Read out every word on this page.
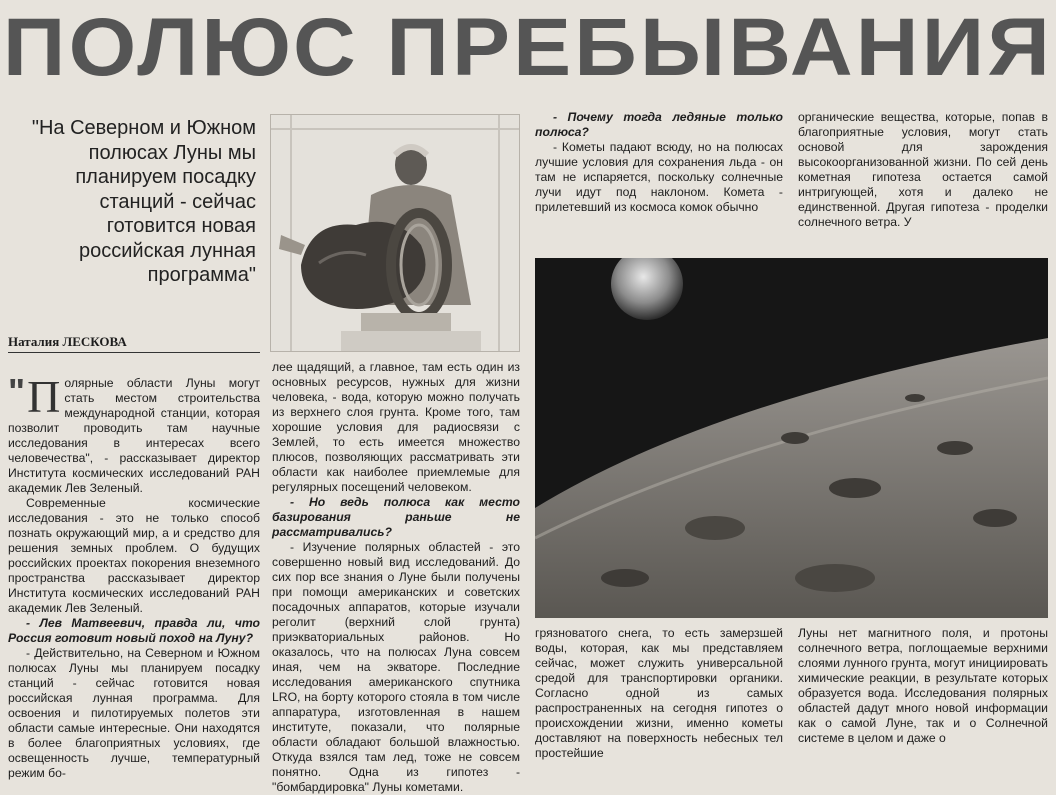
ПОЛЮС ПРЕБЫВАНИЯ
"На Северном и Южном полюсах Луны мы планируем посадку станций - сейчас готовится новая российская лунная программа"
Наталия ЛЕСКОВА

" П олярные области Луны могут стать местом строительства международной станции, которая позволит проводить там научные исследования в интересах всего человечества", - рассказывает директор Института космических исследований РАН академик Лев Зеленый.

Современные космические исследования - это не только способ познать окружающий мир, а и средство для решения земных проблем. О будущих российских проектах покорения внеземного пространства рассказывает директор Института космических исследований РАН академик Лев Зеленый.

- Лев Матвеевич, правда ли, что Россия готовит новый поход на Луну?

- Действительно, на Северном и Южном полюсах Луны мы планируем посадку станций - сейчас готовится новая российская лунная программа. Для освоения и пилотируемых полетов эти области самые интересные. Они находятся в более благоприятных условиях, где освещенность лучше, температурный режим бо-

лее щадящий, а главное, там есть один из основных ресурсов, нужных для жизни человека, - вода, которую можно получать из верхнего слоя грунта. Кроме того, там хорошие условия для радиосвязи с Землей, то есть имеется множество плюсов, позволяющих рассматривать эти области как наиболее приемлемые для регулярных посещений человеком.

- Но ведь полюса как место базирования раньше не рассматривались?

- Изучение полярных областей - это совершенно новый вид исследований. До сих пор все знания о Луне были получены при помощи американских и советских посадочных аппаратов, которые изучали реголит (верхний слой грунта) приэкваториальных районов. Но оказалось, что на полюсах Луна совсем иная, чем на экваторе. Последние исследования американского спутника LRO, на борту которого стояла в том числе аппаратура, изготовленная в нашем институте, показали, что полярные области обладают большой влажностью. Откуда взялся там лед, тоже не совсем понятно. Одна из гипотез - "бомбардировка" Луны кометами.

- Почему тогда ледяные только полюса?

- Кометы падают всюду, но на полюсах лучшие условия для сохранения льда - он там не испаряется, поскольку солнечные лучи идут под наклоном. Комета - прилетевший из космоса комок обычно

органические вещества, которые, попав в благоприятные условия, могут стать основой для зарождения высокоорганизованной жизни. По сей день кометная гипотеза остается самой интригующей, хотя и далеко не единственной. Другая гипотеза - проделки солнечного ветра. У

грязноватого снега, то есть замерзшей воды, которая, как мы представляем сейчас, может служить универсальной средой для транспортировки органики. Согласно одной из самых распространенных на сегодня гипотез о происхождении жизни, именно кометы доставляют на поверхность небесных тел простейшие

Луны нет магнитного поля, и протоны солнечного ветра, поглощаемые верхними слоями лунного грунта, могут инициировать химические реакции, в результате которых образуется вода. Исследования полярных областей дадут много новой информации как о самой Луне, так и о Солнечной системе в целом и даже о
